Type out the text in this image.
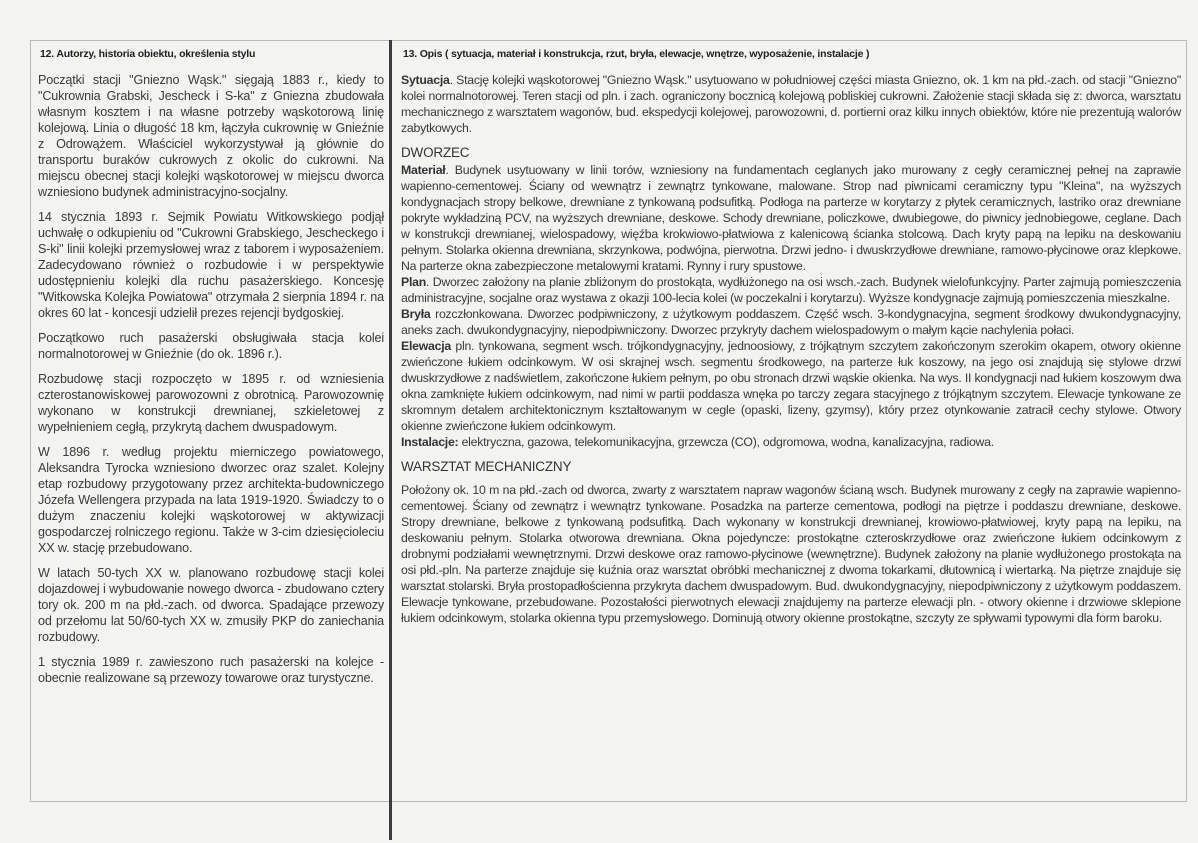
12. Autorzy, historia obiektu, określenia stylu

Początki stacji "Gniezno Wąsk." sięgają 1883 r., kiedy to "Cukrownia Grabski, Jescheck i S-ka" z Gniezna zbudowała własnym kosztem i na własne potrzeby wąskotorową linię kolejową. Linia o długość 18 km, łączyła cukrownię w Gnieźnie z Odrowążem. Właściciel wykorzystywał ją głównie do transportu buraków cukrowych z okolic do cukrowni. Na miejscu obecnej stacji kolejki wąskotorowej w miejscu dworca wzniesiono budynek administracyjno-socjalny.

14 stycznia 1893 r. Sejmik Powiatu Witkowskiego podjął uchwałę o odkupieniu od "Cukrowni Grabskiego, Jescheckego i S-ki" linii kolejki przemysłowej wraz z taborem i wyposażeniem. Zadecydowano również o rozbudowie i w perspektywie udostępnieniu kolejki dla ruchu pasażerskiego. Koncesję "Witkowska Kolejka Powiatowa" otrzymała 2 sierpnia 1894 r. na okres 60 lat - koncesji udzielił prezes rejencji bydgoskiej.

Początkowo ruch pasażerski obsługiwała stacja kolei normalnotorowej w Gnieźnie (do ok. 1896 r.).

Rozbudowę stacji rozpoczęto w 1895 r. od wzniesienia czterostanowiskowej parowozowni z obrotnicą. Parowozownię wykonano w konstrukcji drewnianej, szkieletowej z wypełnieniem cegłą, przykrytą dachem dwuspadowym.

W 1896 r. według projektu mierniczego powiatowego, Aleksandra Tyrocka wzniesiono dworzec oraz szalet. Kolejny etap rozbudowy przygotowany przez architekta-budowniczego Józefa Wellengera przypada na lata 1919-1920. Świadczy to o dużym znaczeniu kolejki wąskotorowej w aktywizacji gospodarczej rolniczego regionu. Także w 3-cim dziesięcioleciu XX w. stację przebudowano.

W latach 50-tych XX w. planowano rozbudowę stacji kolei dojazdowej i wybudowanie nowego dworca - zbudowano cztery tory ok. 200 m na płd.-zach. od dworca. Spadające przewozy od przełomu lat 50/60-tych XX w. zmusiły PKP do zaniechania rozbudowy.

1 stycznia 1989 r. zawieszono ruch pasażerski na kolejce - obecnie realizowane są przewozy towarowe oraz turystyczne.

13. Opis ( sytuacja, materiał i konstrukcja, rzut, bryła, elewacje, wnętrze, wyposażenie, instalacje )

Sytuacja. Stację kolejki wąskotorowej "Gniezno Wąsk." usytuowano w południowej części miasta Gniezno, ok. 1 km na płd.-zach. od stacji "Gniezno" kolei normalnotorowej. Teren stacji od pln. i zach. ograniczony bocznicą kolejową pobliskiej cukrowni. Założenie stacji składa się z: dworca, warsztatu mechanicznego z warsztatem wagonów, bud. ekspedycji kolejowej, parowozowni, d. portierni oraz kilku innych obiektów, które nie prezentują walorów zabytkowych.

DWORZEC

Materiał. Budynek usytuowany w linii torów, wzniesiony na fundamentach ceglanych jako murowany z cegły ceramicznej pełnej na zaprawie wapienno-cementowej. Ściany od wewnątrz i zewnątrz tynkowane, malowane. Strop nad piwnicami ceramiczny typu "Kleina", na wyższych kondygnacjach stropy belkowe, drewniane z tynkowaną podsufitką. Podłoga na parterze w korytarzy z płytek ceramicznych, lastriko oraz drewniane pokryte wykładziną PCV, na wyższych drewniane, deskowe. Schody drewniane, policzkowe, dwubiegowe, do piwnicy jednobiegowe, ceglane. Dach w konstrukcji drewnianej, wielospadowy, więźba krokwiowo-płatwiowa z kalenicową ścianka stolcową. Dach kryty papą na lepiku na deskowaniu pełnym. Stolarka okienna drewniana, skrzynkowa, podwójna, pierwotna. Drzwi jedno- i dwuskrzydłowe drewniane, ramowo-płycinowe oraz klepkowe. Na parterze okna zabezpieczone metalowymi kratami. Rynny i rury spustowe.

Plan. Dworzec założony na planie zbliżonym do prostokąta, wydłużonego na osi wsch.-zach. Budynek wielofunkcyjny. Parter zajmują pomieszczenia administracyjne, socjalne oraz wystawa z okazji 100-lecia kolei (w poczekalni i korytarzu). Wyższe kondygnacje zajmują pomieszczenia mieszkalne.

Bryła rozczłonkowana. Dworzec podpiwniczony, z użytkowym poddaszem. Część wsch. 3-kondygnacyjna, segment środkowy dwukondygnacyjny, aneks zach. dwukondygnacyjny, niepodpiwniczony. Dworzec przykryty dachem wielospadowym o małym kącie nachylenia połaci.

Elewacja pln. tynkowana, segment wsch. trójkondygnacyjny, jednoosiowy, z trójkątnym szczytem zakończonym szerokim okapem, otwory okienne zwieńczone łukiem odcinkowym. W osi skrajnej wsch. segmentu środkowego, na parterze łuk koszowy, na jego osi znajdują się stylowe drzwi dwuskrzydłowe z nadświetlem, zakończone łukiem pełnym, po obu stronach drzwi wąskie okienka. Na wys. II kondygnacji nad łukiem koszowym dwa okna zamknięte łukiem odcinkowym, nad nimi w partii poddasza wnęka po tarczy zegara stacyjnego z trójkątnym szczytem. Elewacje tynkowane ze skromnym detalem architektonicznym kształtowanym w cegle (opaski, lizeny, gzymsy), który przez otynkowanie zatracił cechy stylowe. Otwory okienne zwieńczone łukiem odcinkowym.

Instalacje: elektryczna, gazowa, telekomunikacyjna, grzewcza (CO), odgromowa, wodna, kanalizacyjna, radiowa.

WARSZTAT MECHANICZNY

Położony ok. 10 m na płd.-zach od dworca, zwarty z warsztatem napraw wagonów ścianą wsch. Budynek murowany z cegły na zaprawie wapienno-cementowej. Ściany od zewnątrz i wewnątrz tynkowane. Posadzka na parterze cementowa, podłogi na piętrze i poddaszu drewniane, deskowe. Stropy drewniane, belkowe z tynkowaną podsufitką. Dach wykonany w konstrukcji drewnianej, krowiowo-płatwiowej, kryty papą na lepiku, na deskowaniu pełnym. Stolarka otworowa drewniana. Okna pojedyncze: prostokątne czteroskrzydłowe oraz zwieńczone łukiem odcinkowym z drobnymi podziałami wewnętrznymi. Drzwi deskowe oraz ramowo-płycinowe (wewnętrzne). Budynek założony na planie wydłużonego prostokąta na osi płd.-pln. Na parterze znajduje się kuźnia oraz warsztat obróbki mechanicznej z dwoma tokarkami, dłutownicą i wiertarką. Na piętrze znajduje się warsztat stolarski. Bryła prostopadłościenna przykryta dachem dwuspadowym. Bud. dwukondygnacyjny, niepodpiwniczony z użytkowym poddaszem. Elewacje tynkowane, przebudowane. Pozostałości pierwotnych elewacji znajdujemy na parterze elewacji pln. - otwory okienne i drzwiowe sklepione łukiem odcinkowym, stolarka okienna typu przemysłowego. Dominują otwory okienne prostokątne, szczyty ze spływami typowymi dla form baroku.
